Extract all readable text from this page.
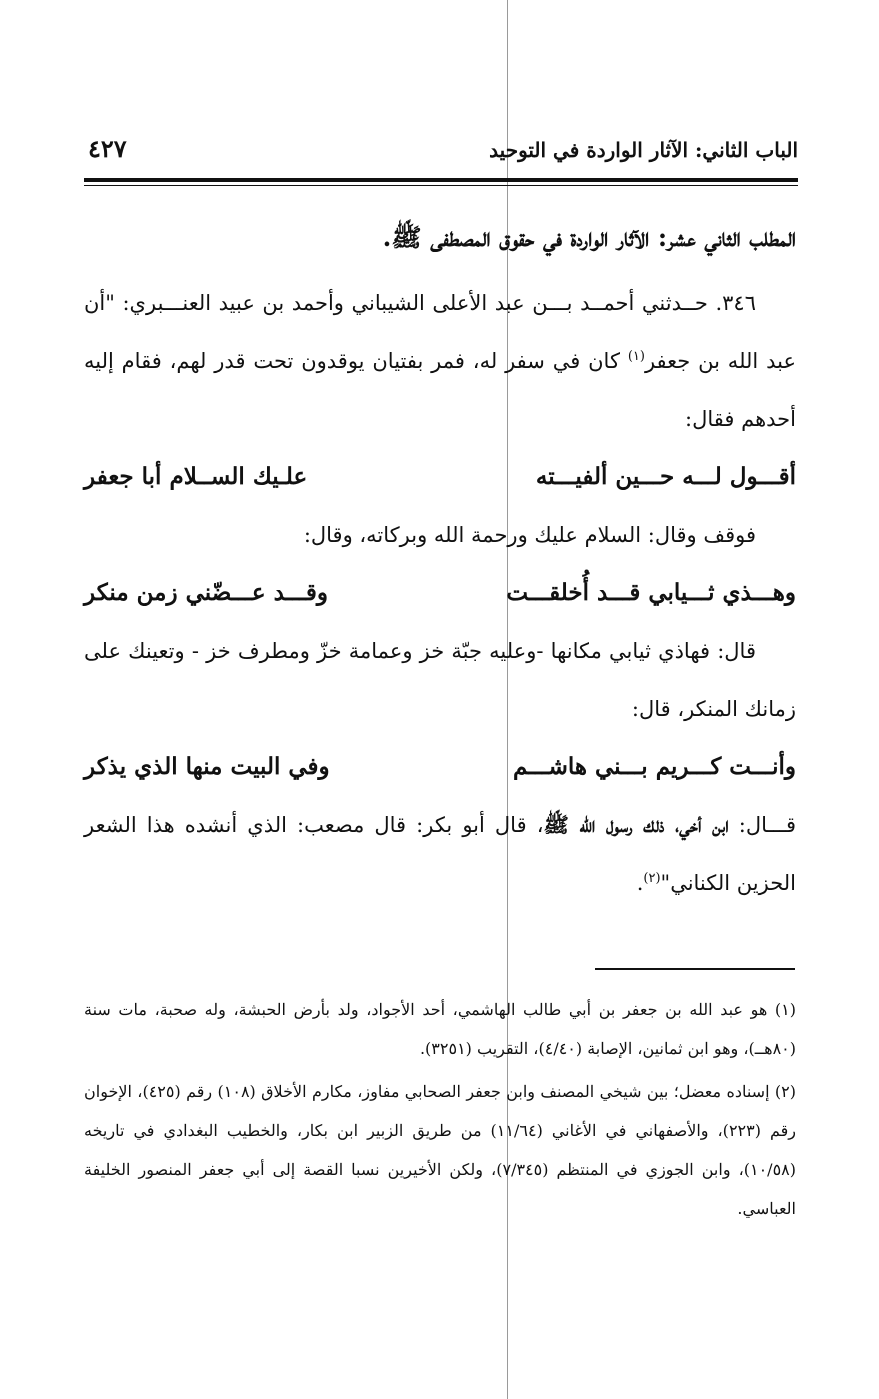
الباب الثاني: الآثار الواردة في التوحيد
٤٢٧
المطلب الثاني عشر: الآثار الواردة في حقوق المصطفى ﷺ.

٣٤٦. حــدثني أحمــد بـــن عبد الأعلى الشيباني وأحمد بن عبيد العنـــبري: "أن عبد الله بن جعفر$^{(١)}$ كان في سفر له، فمر بفتيان يوقدون تحت قدر لهم، فقام إليه أحدهم فقال:

أقـــول لـــه حـــين ألفيـــته
علـيك الســلام أبا جعفر

فوقف وقال: السلام عليك ورحمة الله وبركاته، وقال:

وهـــذي ثـــيابي قـــد أُخلقـــت
وقـــد عـــضّني زمن منكر

قال: فهاذي ثيابي مكانها -وعليه جبّة خز وعمامة خزّ ومطرف خز - وتعينك على زمانك المنكر، قال:

وأنـــت كـــريم بـــني هاشـــم
وفي البيت منها الذي يذكر

قـــال: ابن أخي، ذلك رسول الله ﷺ، قال أبو بكر: قال مصعب: الذي أنشده هذا الشعر الحزين الكناني"$^{(٢)}$.

(١) هو عبد الله بن جعفر بن أبي طالب الهاشمي، أحد الأجواد، ولد بأرض الحبشة، وله صحبة، مات سنة (٨٠هــ)، وهو ابن ثمانين، الإصابة (٤/٤٠)، التقريب (٣٢٥١).

(٢) إسناده معضل؛ بين شيخي المصنف وابن جعفر الصحابي مفاوز، مكارم الأخلاق (١٠٨) رقم (٤٢٥)، الإخوان رقم (٢٢٣)، والأصفهاني في الأغاني (١١/٦٤) من طريق الزبير ابن بكار، والخطيب البغدادي في تاريخه (١٠/٥٨)، وابن الجوزي في المنتظم (٧/٣٤٥)، ولكن الأخيرين نسبا القصة إلى أبي جعفر المنصور الخليفة العباسي.
